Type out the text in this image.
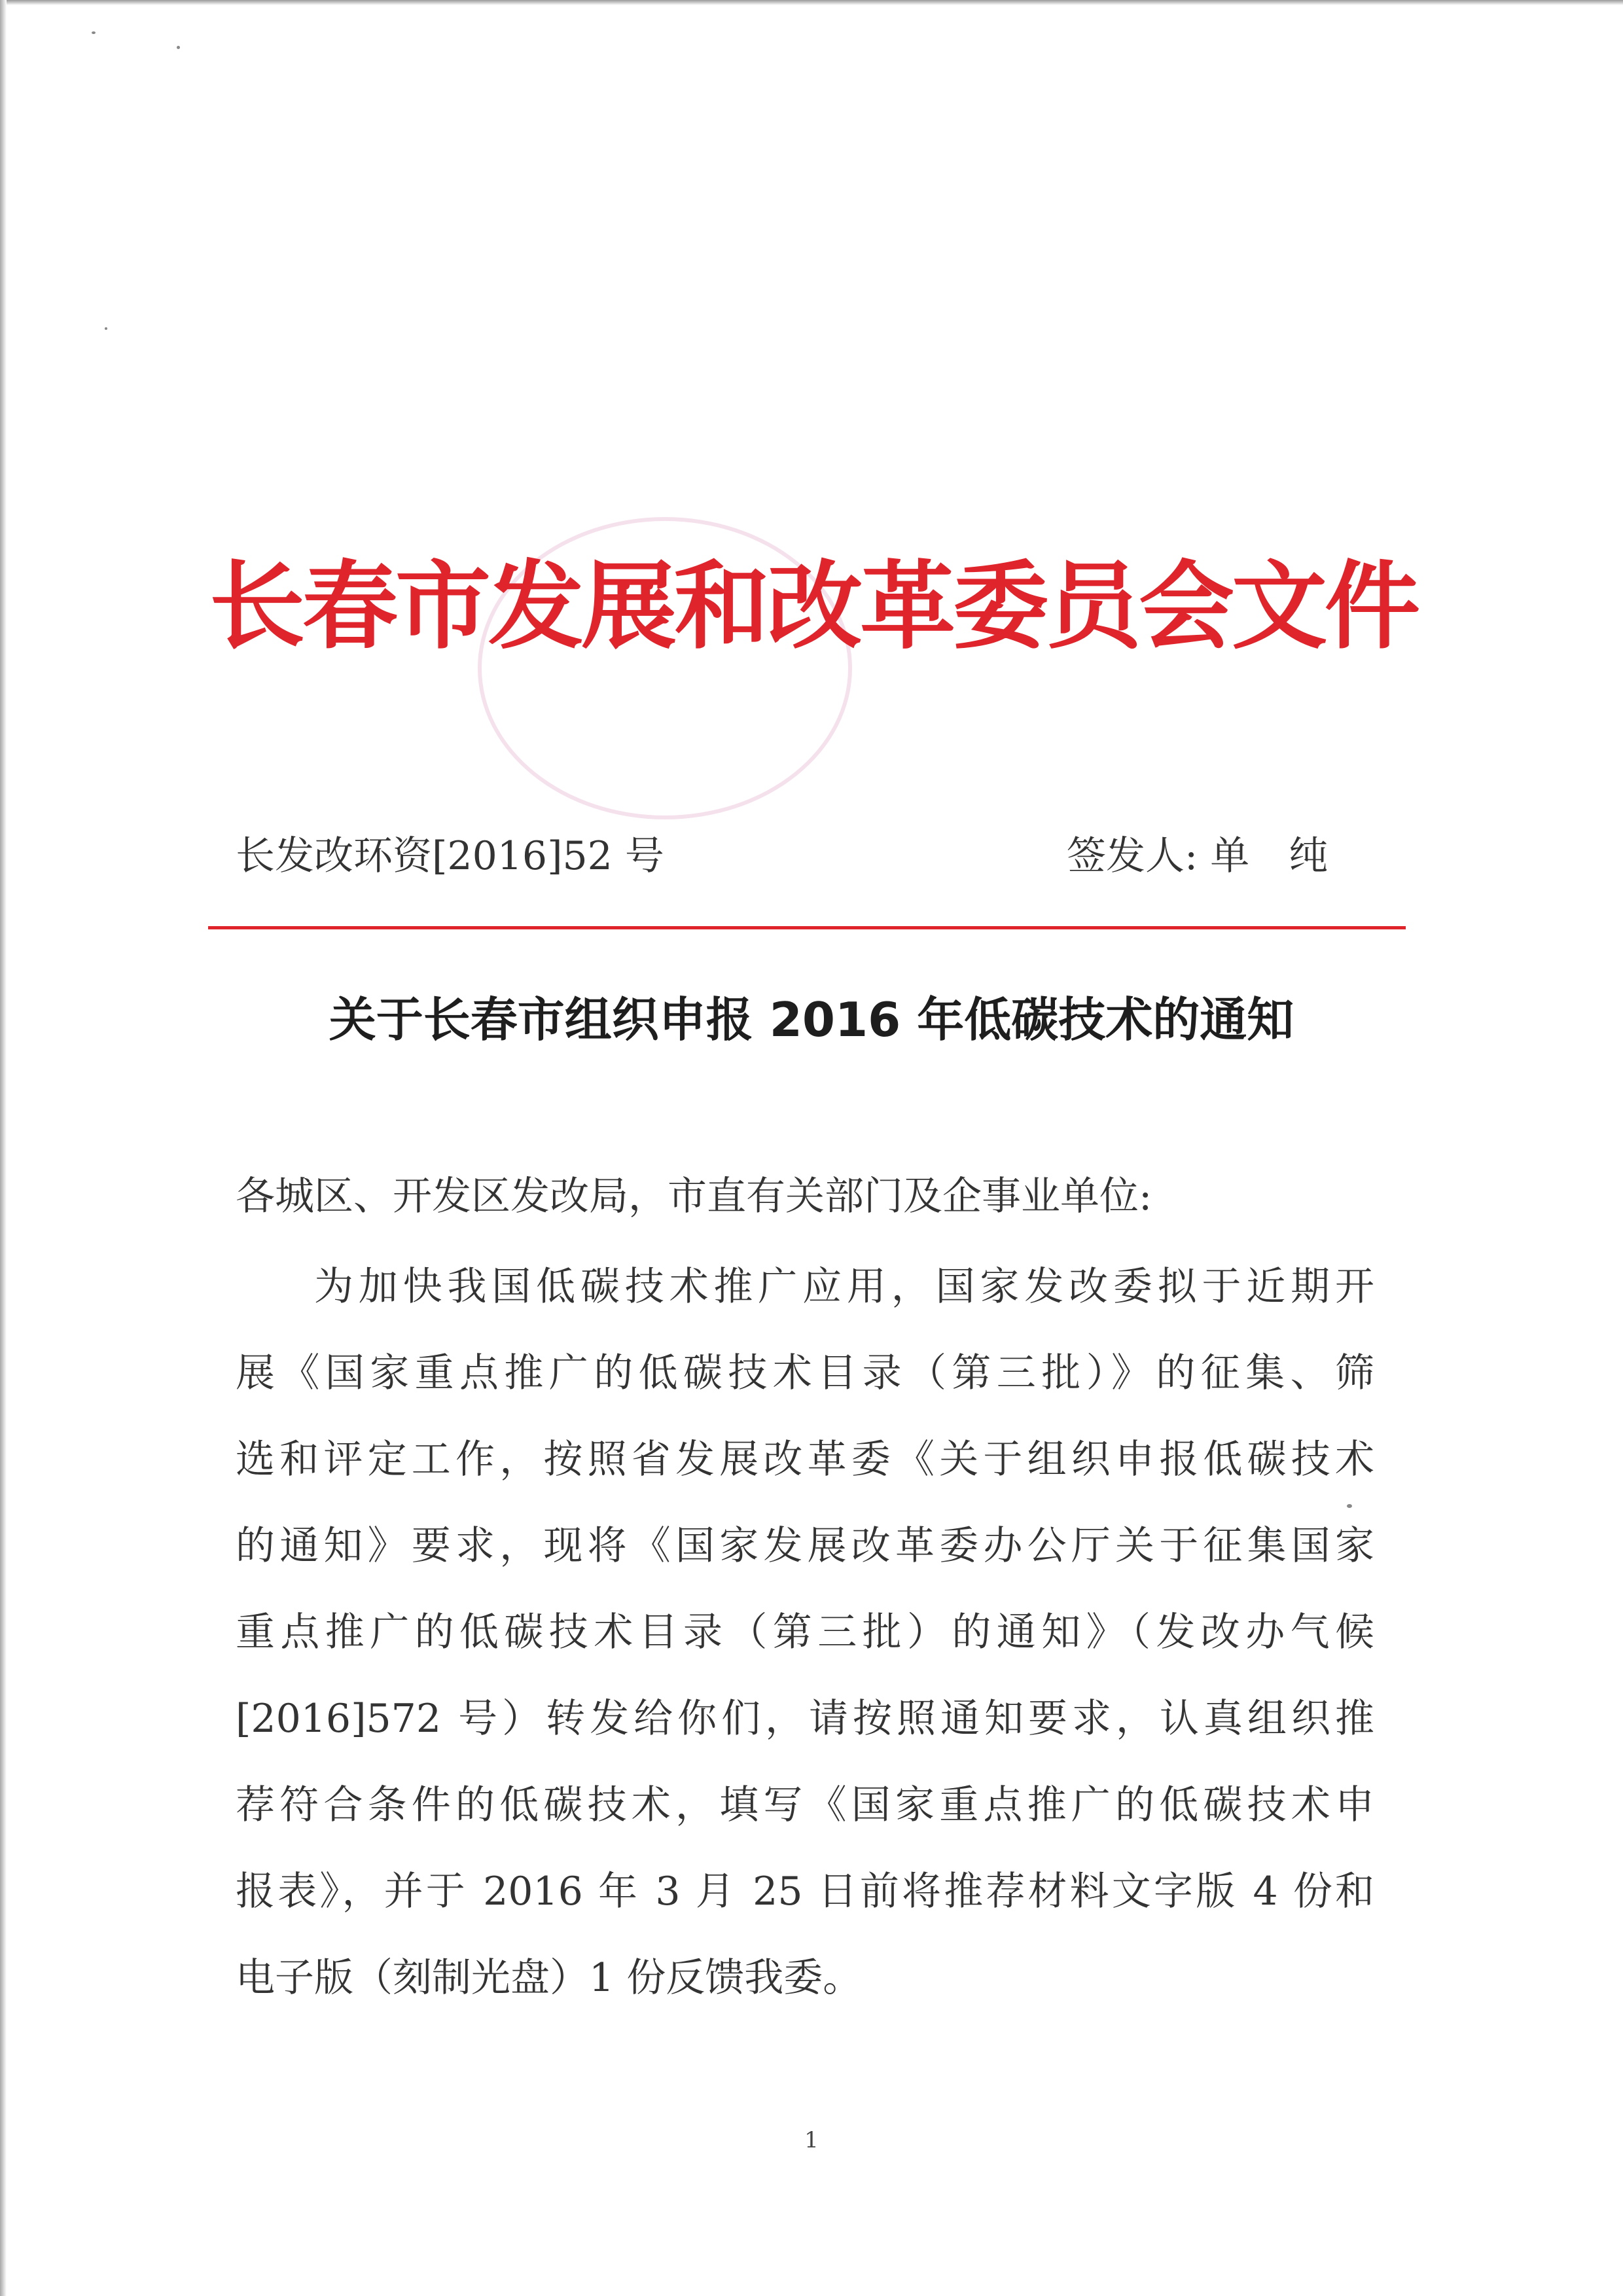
长春市发展和改革委员会文件
长发改环资[2016]52 号	签发人: 单纯
关于长春市组织申报 2016 年低碳技术的通知
各城区、开发区发改局，市直有关部门及企事业单位:
为加快我国低碳技术推广应用，国家发改委拟于近期开
展《国家重点推广的低碳技术目录（第三批）》的征集、筛
选和评定工作，按照省发展改革委《关于组织申报低碳技术
的通知》要求，现将《国家发展改革委办公厅关于征集国家
重点推广的低碳技术目录（第三批）的通知》（发改办气候
[2016]572 号）转发给你们，请按照通知要求，认真组织推
荐符合条件的低碳技术，填写《国家重点推广的低碳技术申
报表》，并于 2016 年 3 月 25 日前将推荐材料文字版 4 份和
电子版（刻制光盘）1 份反馈我委。
1
